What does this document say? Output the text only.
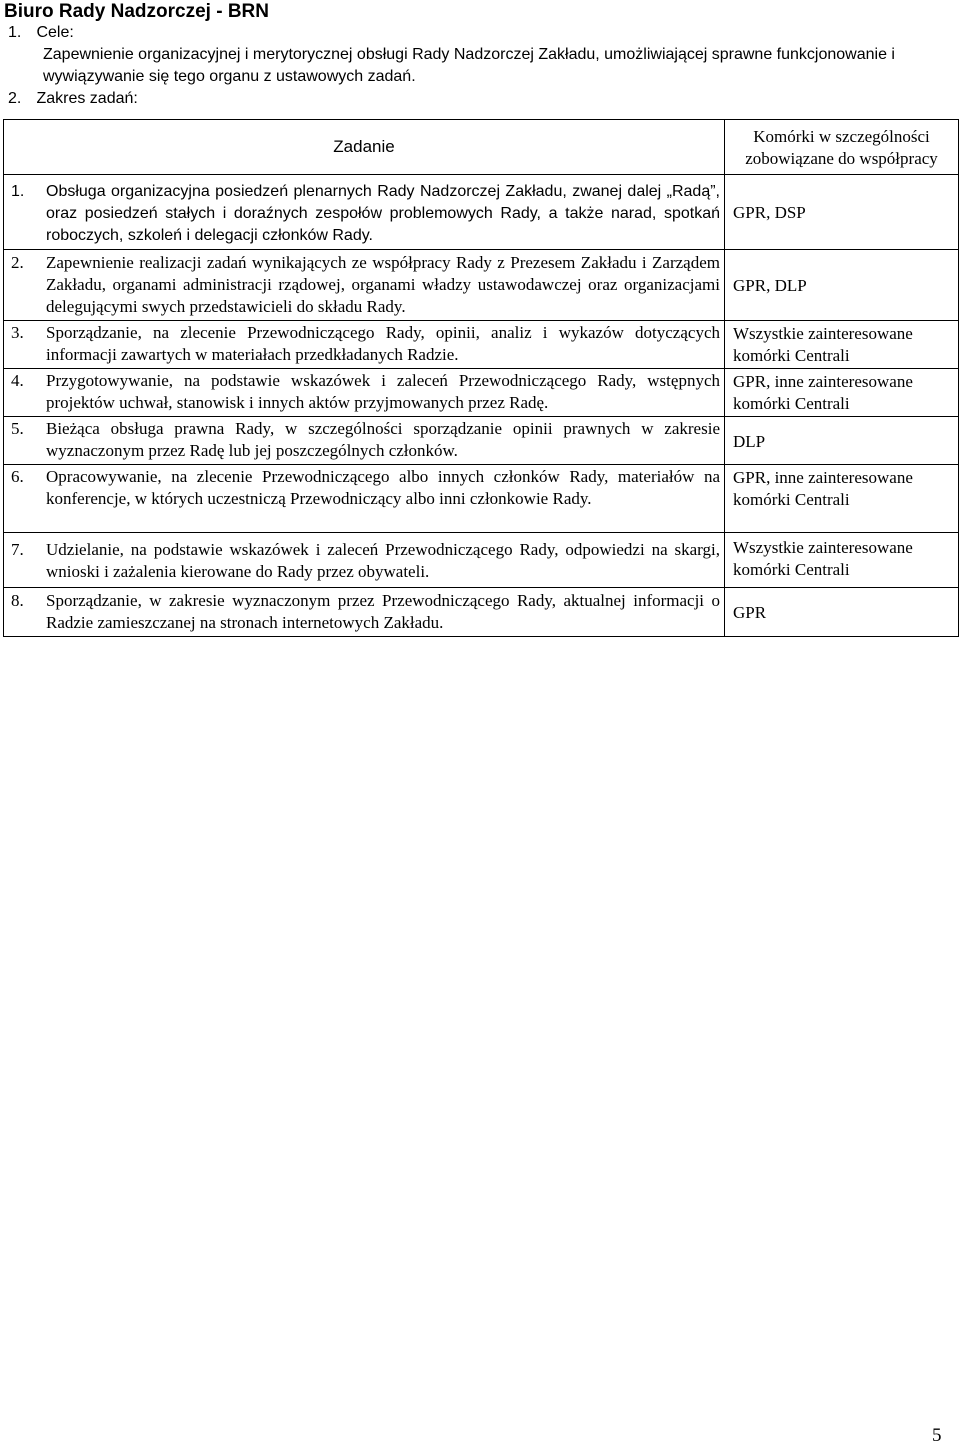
Biuro Rady Nadzorczej - BRN
1. Cele:
Zapewnienie organizacyjnej i merytorycznej obsługi Rady Nadzorczej Zakładu, umożliwiającej sprawne funkcjonowanie i wywiązywanie się tego organu z ustawowych zadań.
2. Zakres zadań:
Zadanie	Komórki w szczególności zobowiązane do współpracy

1. Obsługa organizacyjna posiedzeń plenarnych Rady Nadzorczej Zakładu, zwanej dalej „Radą”, oraz posiedzeń stałych i doraźnych zespołów problemowych Rady, a także narad, spotkań roboczych, szkoleń i delegacji członków Rady.	GPR, DSP

2. Zapewnienie realizacji zadań wynikających ze współpracy Rady z Prezesem Zakładu i Zarządem Zakładu, organami administracji rządowej, organami władzy ustawodawczej oraz organizacjami delegującymi swych przedstawicieli do składu Rady.	GPR, DLP

3. Sporządzanie, na zlecenie Przewodniczącego Rady, opinii, analiz i wykazów dotyczących informacji zawartych w materiałach przedkładanych Radzie.	Wszystkie zainteresowane komórki Centrali

4. Przygotowywanie, na podstawie wskazówek i zaleceń Przewodniczącego Rady, wstępnych projektów uchwał, stanowisk i innych aktów przyjmowanych przez Radę.	GPR, inne zainteresowane komórki Centrali

5. Bieżąca obsługa prawna Rady, w szczególności sporządzanie opinii prawnych w zakresie wyznaczonym przez Radę lub jej poszczególnych członków.	DLP

6. Opracowywanie, na zlecenie Przewodniczącego albo innych członków Rady, materiałów na konferencje, w których uczestniczą Przewodniczący albo inni członkowie Rady.	GPR, inne zainteresowane komórki Centrali

7. Udzielanie, na podstawie wskazówek i zaleceń Przewodniczącego Rady, odpowiedzi na skargi, wnioski i zażalenia kierowane do Rady przez obywateli.	Wszystkie zainteresowane komórki Centrali

8. Sporządzanie, w zakresie wyznaczonym przez Przewodniczącego Rady, aktualnej informacji o Radzie zamieszczanej na stronach internetowych Zakładu.	GPR
5
